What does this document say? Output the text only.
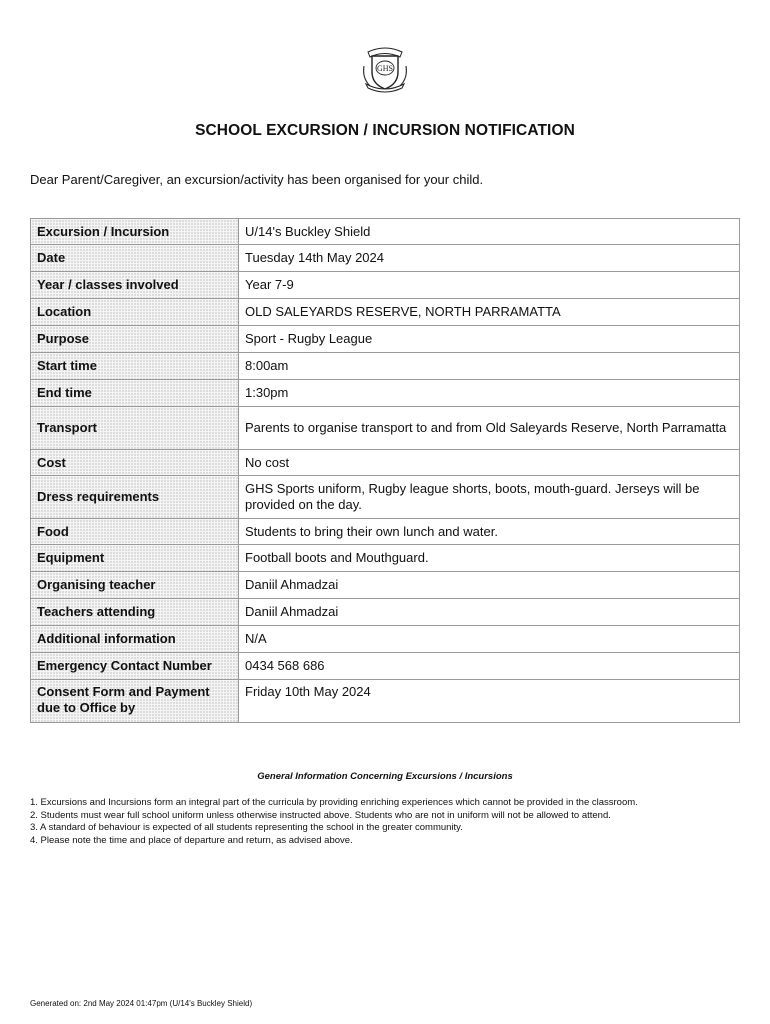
GHS
SCHOOL EXCURSION / INCURSION NOTIFICATION
Dear Parent/Caregiver, an excursion/activity has been organised for your child.
Excursion / Incursion	U/14's Buckley Shield
Date	Tuesday 14th May 2024
Year / classes involved	Year 7-9
Location	OLD SALEYARDS RESERVE, NORTH PARRAMATTA
Purpose	Sport - Rugby League
Start time	8:00am
End time	1:30pm
Transport	Parents to organise transport to and from Old Saleyards Reserve, North Parramatta
Cost	No cost
Dress requirements	GHS Sports uniform, Rugby league shorts, boots, mouth-guard. Jerseys will be provided on the day.
Food	Students to bring their own lunch and water.
Equipment	Football boots and Mouthguard.
Organising teacher	Daniil Ahmadzai
Teachers attending	Daniil Ahmadzai
Additional information	N/A
Emergency Contact Number	0434 568 686
Consent Form and Payment due to Office by	Friday 10th May 2024
General Information Concerning Excursions / Incursions
1. Excursions and Incursions form an integral part of the curricula by providing enriching experiences which cannot be provided in the classroom.
2. Students must wear full school uniform unless otherwise instructed above. Students who are not in uniform will not be allowed to attend.
3. A standard of behaviour is expected of all students representing the school in the greater community.
4. Please note the time and place of departure and return, as advised above.
Generated on: 2nd May 2024 01:47pm (U/14's Buckley Shield)
